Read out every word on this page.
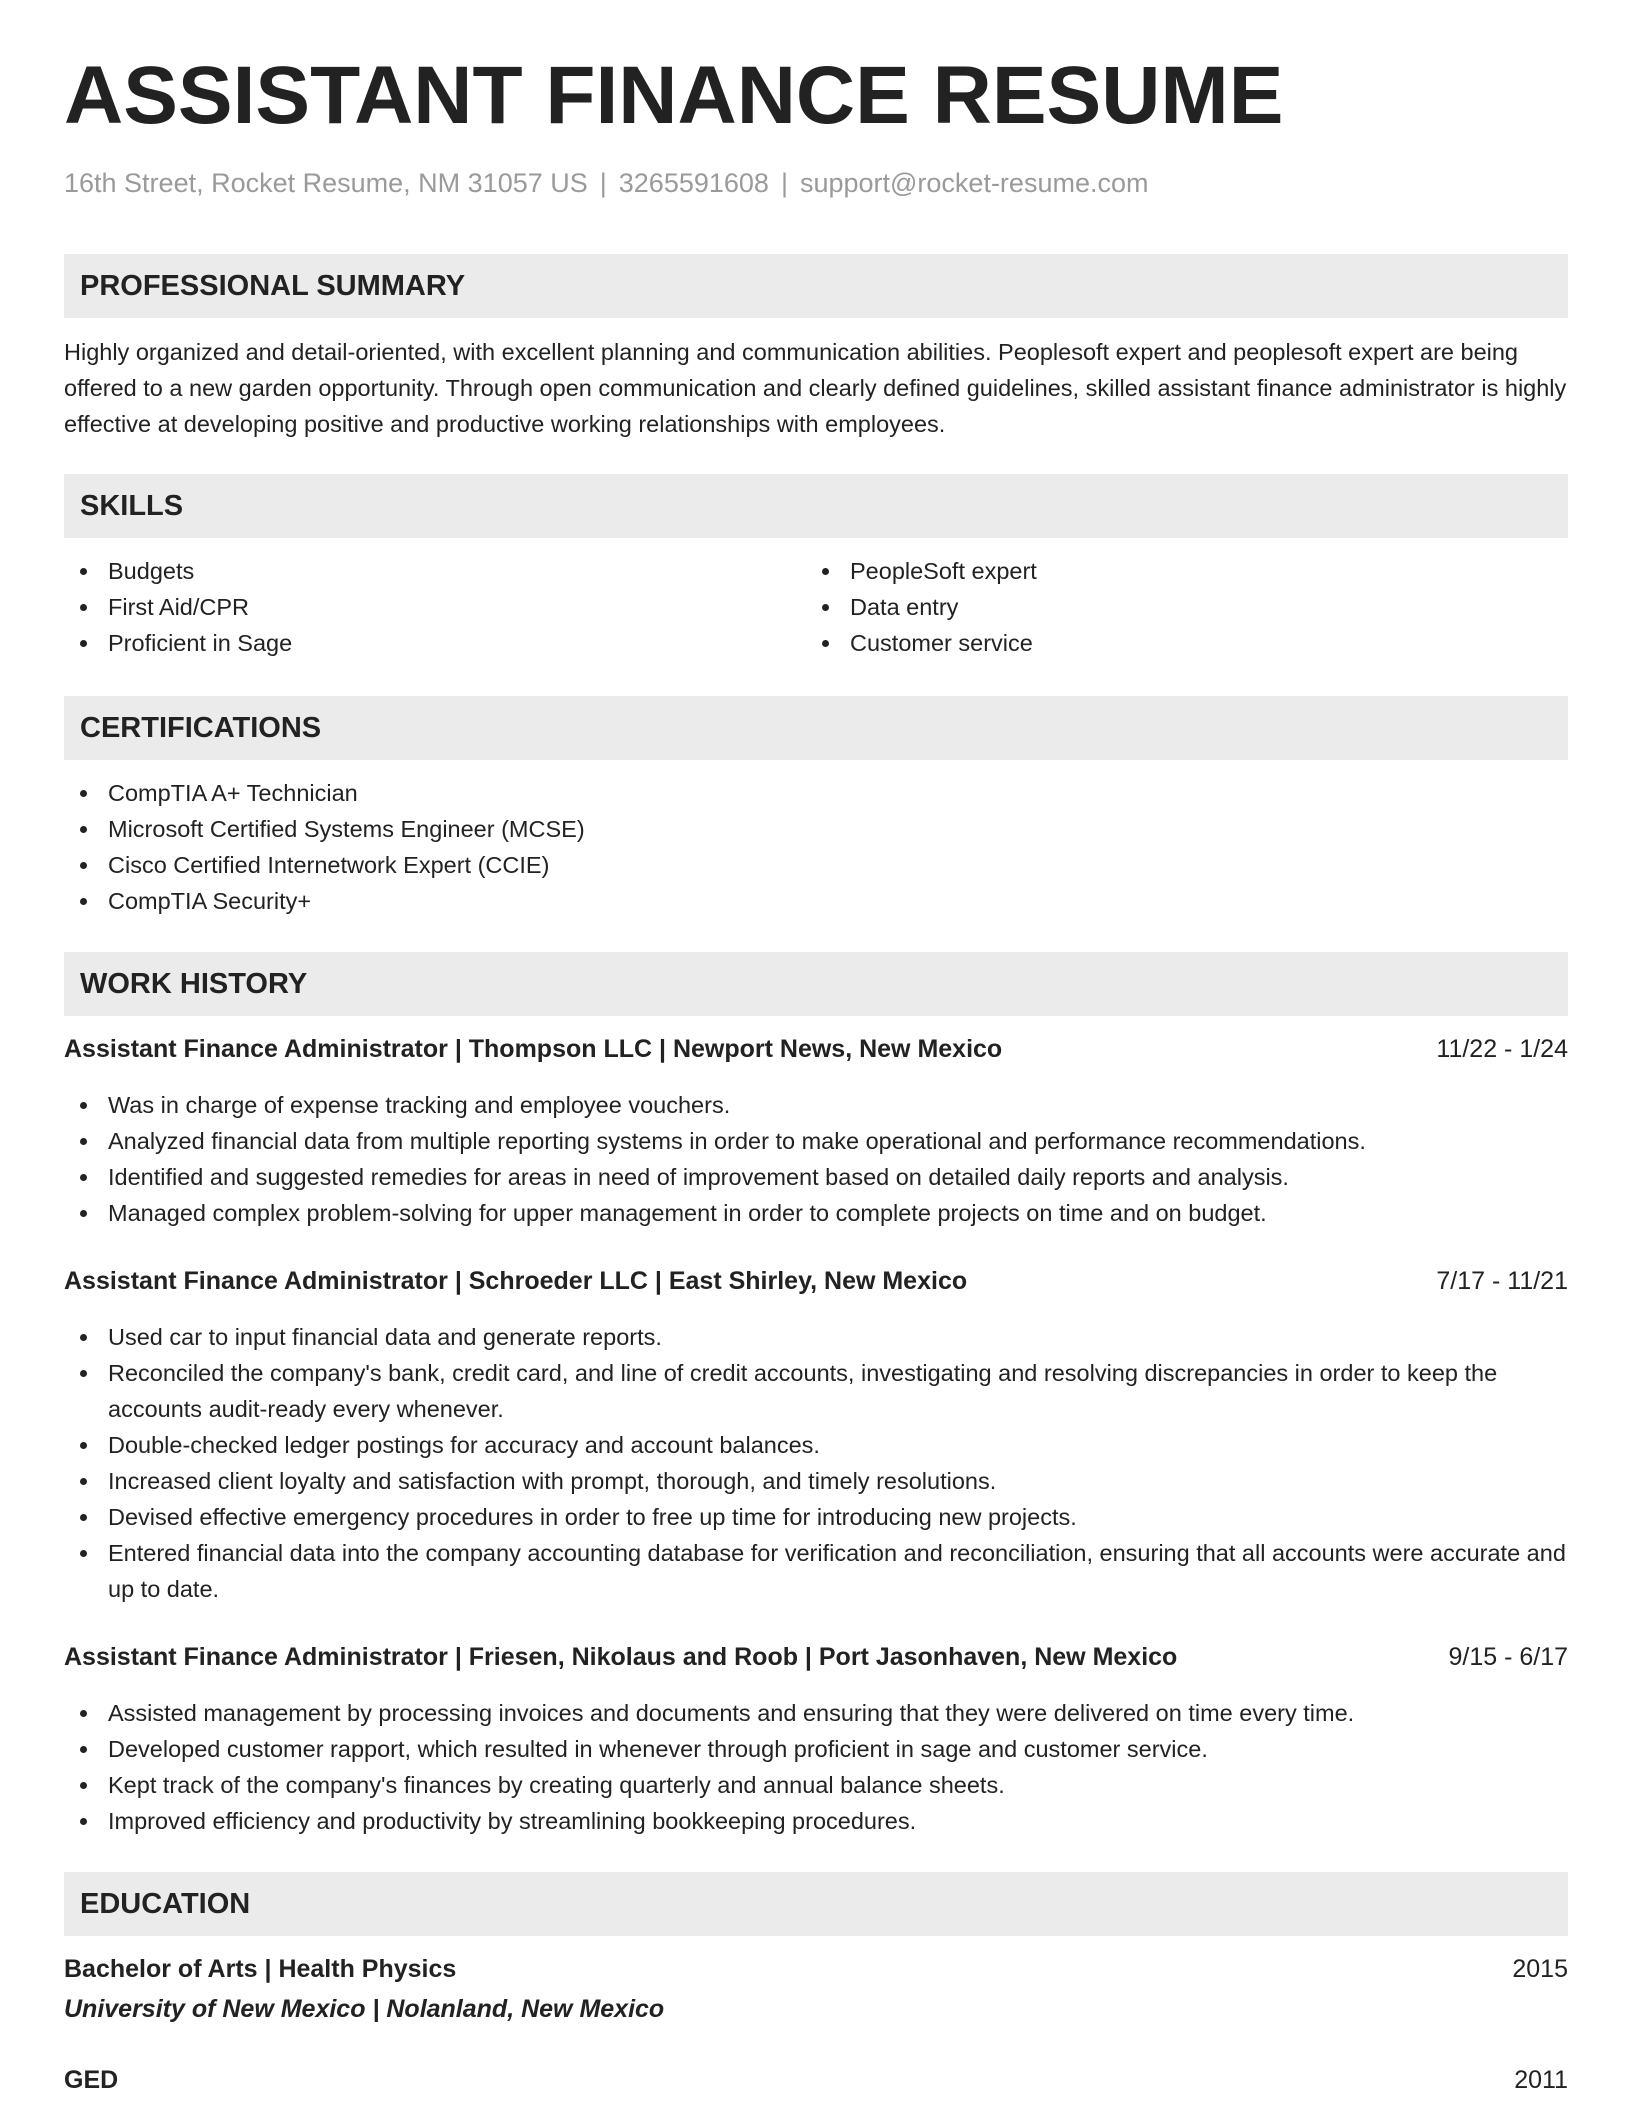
ASSISTANT FINANCE RESUME
16th Street, Rocket Resume, NM 31057 US | 3265591608 | support@rocket-resume.com
PROFESSIONAL SUMMARY
Highly organized and detail-oriented, with excellent planning and communication abilities. Peoplesoft expert and peoplesoft expert are being offered to a new garden opportunity. Through open communication and clearly defined guidelines, skilled assistant finance administrator is highly effective at developing positive and productive working relationships with employees.
SKILLS
Budgets
First Aid/CPR
Proficient in Sage
PeopleSoft expert
Data entry
Customer service
CERTIFICATIONS
CompTIA A+ Technician
Microsoft Certified Systems Engineer (MCSE)
Cisco Certified Internetwork Expert (CCIE)
CompTIA Security+
WORK HISTORY
Assistant Finance Administrator | Thompson LLC | Newport News, New Mexico	11/22 - 1/24
Was in charge of expense tracking and employee vouchers.
Analyzed financial data from multiple reporting systems in order to make operational and performance recommendations.
Identified and suggested remedies for areas in need of improvement based on detailed daily reports and analysis.
Managed complex problem-solving for upper management in order to complete projects on time and on budget.
Assistant Finance Administrator | Schroeder LLC | East Shirley, New Mexico	7/17 - 11/21
Used car to input financial data and generate reports.
Reconciled the company's bank, credit card, and line of credit accounts, investigating and resolving discrepancies in order to keep the accounts audit-ready every whenever.
Double-checked ledger postings for accuracy and account balances.
Increased client loyalty and satisfaction with prompt, thorough, and timely resolutions.
Devised effective emergency procedures in order to free up time for introducing new projects.
Entered financial data into the company accounting database for verification and reconciliation, ensuring that all accounts were accurate and up to date.
Assistant Finance Administrator | Friesen, Nikolaus and Roob | Port Jasonhaven, New Mexico	9/15 - 6/17
Assisted management by processing invoices and documents and ensuring that they were delivered on time every time.
Developed customer rapport, which resulted in whenever through proficient in sage and customer service.
Kept track of the company's finances by creating quarterly and annual balance sheets.
Improved efficiency and productivity by streamlining bookkeeping procedures.
EDUCATION
Bachelor of Arts | Health Physics	2015
University of New Mexico | Nolanland, New Mexico
GED	2011
